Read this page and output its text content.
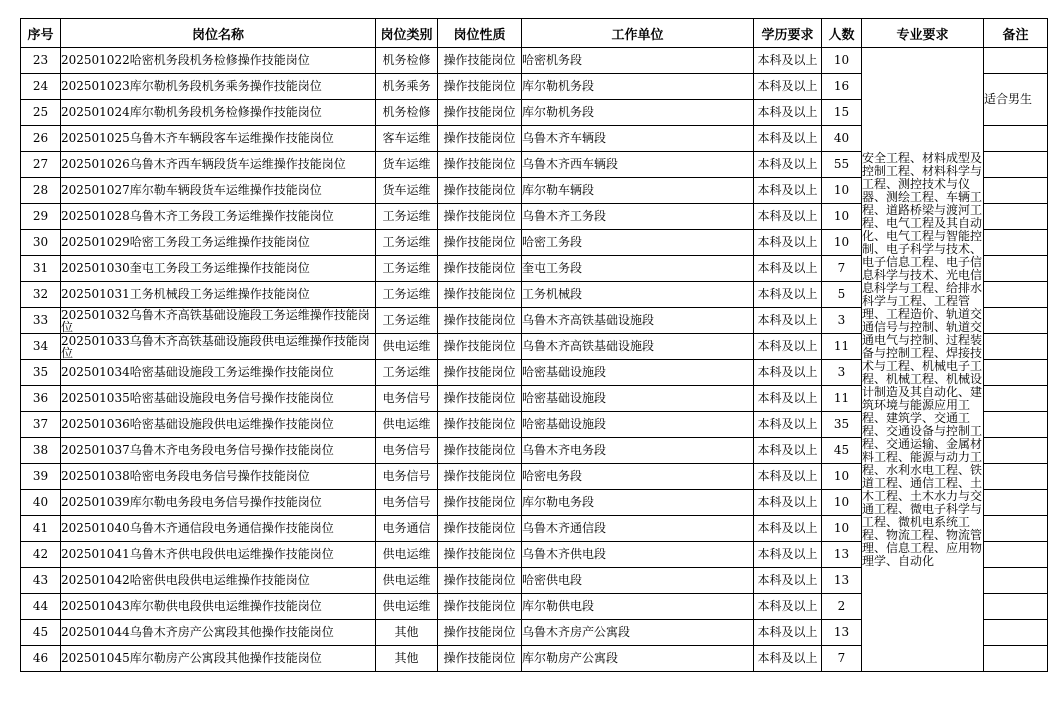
序号	岗位名称	岗位类别	岗位性质	工作单位	学历要求	人数	专业要求	备注
23	202501022哈密机务段机务检修操作技能岗位	机务检修	操作技能岗位	哈密机务段	本科及以上	10	安全工程、材料成型及控制工程、材料科学与工程、测控技术与仪器、测绘工程、车辆工程、道路桥梁与渡河工程、电气工程及其自动化、电气工程与智能控制、电子科学与技术、电子信息工程、电子信息科学与技术、光电信息科学与工程、给排水科学与工程、工程管理、工程造价、轨道交通信号与控制、轨道交通电气与控制、过程装备与控制工程、焊接技术与工程、机械电子工程、机械工程、机械设计制造及其自动化、建筑环境与能源应用工程、建筑学、交通工程、交通设备与控制工程、交通运输、金属材料工程、能源与动力工程、水利水电工程、铁道工程、通信工程、土木工程、土木水力与交通工程、微电子科学与工程、微机电系统工程、物流工程、物流管理、信息工程、应用物理学、自动化	
24	202501023库尔勒机务段机务乘务操作技能岗位	机务乘务	操作技能岗位	库尔勒机务段	本科及以上	16		适合男生
25	202501024库尔勒机务段机务检修操作技能岗位	机务检修	操作技能岗位	库尔勒机务段	本科及以上	15		
26	202501025乌鲁木齐车辆段客车运维操作技能岗位	客车运维	操作技能岗位	乌鲁木齐车辆段	本科及以上	40		
27	202501026乌鲁木齐西车辆段货车运维操作技能岗位	货车运维	操作技能岗位	乌鲁木齐西车辆段	本科及以上	55		
28	202501027库尔勒车辆段货车运维操作技能岗位	货车运维	操作技能岗位	库尔勒车辆段	本科及以上	10		
29	202501028乌鲁木齐工务段工务运维操作技能岗位	工务运维	操作技能岗位	乌鲁木齐工务段	本科及以上	10		
30	202501029哈密工务段工务运维操作技能岗位	工务运维	操作技能岗位	哈密工务段	本科及以上	10		
31	202501030奎屯工务段工务运维操作技能岗位	工务运维	操作技能岗位	奎屯工务段	本科及以上	7		
32	202501031工务机械段工务运维操作技能岗位	工务运维	操作技能岗位	工务机械段	本科及以上	5		
33	202501032乌鲁木齐高铁基础设施段工务运维操作技能岗位	工务运维	操作技能岗位	乌鲁木齐高铁基础设施段	本科及以上	3		
34	202501033乌鲁木齐高铁基础设施段供电运维操作技能岗位	供电运维	操作技能岗位	乌鲁木齐高铁基础设施段	本科及以上	11		
35	202501034哈密基础设施段工务运维操作技能岗位	工务运维	操作技能岗位	哈密基础设施段	本科及以上	3		
36	202501035哈密基础设施段电务信号操作技能岗位	电务信号	操作技能岗位	哈密基础设施段	本科及以上	11		
37	202501036哈密基础设施段供电运维操作技能岗位	供电运维	操作技能岗位	哈密基础设施段	本科及以上	35		
38	202501037乌鲁木齐电务段电务信号操作技能岗位	电务信号	操作技能岗位	乌鲁木齐电务段	本科及以上	45		
39	202501038哈密电务段电务信号操作技能岗位	电务信号	操作技能岗位	哈密电务段	本科及以上	10		
40	202501039库尔勒电务段电务信号操作技能岗位	电务信号	操作技能岗位	库尔勒电务段	本科及以上	10		
41	202501040乌鲁木齐通信段电务通信操作技能岗位	电务通信	操作技能岗位	乌鲁木齐通信段	本科及以上	10		
42	202501041乌鲁木齐供电段供电运维操作技能岗位	供电运维	操作技能岗位	乌鲁木齐供电段	本科及以上	13		
43	202501042哈密供电段供电运维操作技能岗位	供电运维	操作技能岗位	哈密供电段	本科及以上	13		
44	202501043库尔勒供电段供电运维操作技能岗位	供电运维	操作技能岗位	库尔勒供电段	本科及以上	2		
45	202501044乌鲁木齐房产公寓段其他操作技能岗位	其他	操作技能岗位	乌鲁木齐房产公寓段	本科及以上	13		
46	202501045库尔勒房产公寓段其他操作技能岗位	其他	操作技能岗位	库尔勒房产公寓段	本科及以上	7		
